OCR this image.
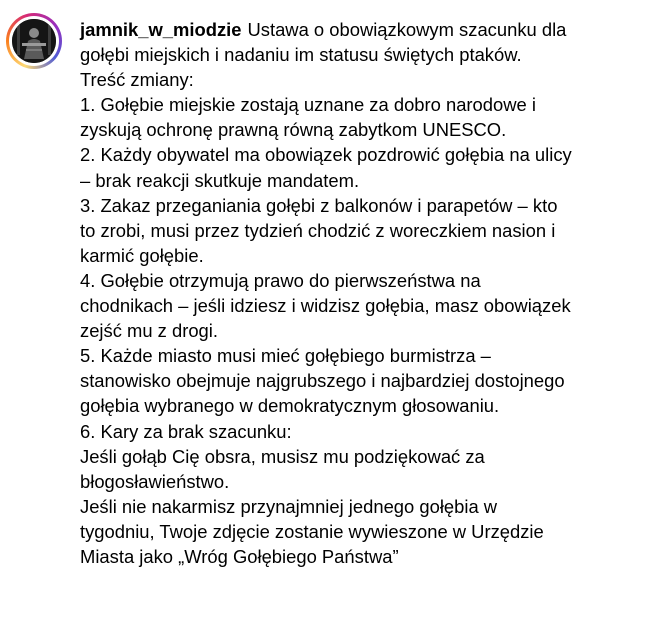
jamnik_w_miodzie Ustawa o obowiązkowym szacunku dla
gołębi miejskich i nadaniu im statusu świętych ptaków.
Treść zmiany:
1. Gołębie miejskie zostają uznane za dobro narodowe i
zyskują ochronę prawną równą zabytkom UNESCO.
2. Każdy obywatel ma obowiązek pozdrowić gołębia na ulicy
– brak reakcji skutkuje mandatem.
3. Zakaz przeganiania gołębi z balkonów i parapetów – kto
to zrobi, musi przez tydzień chodzić z woreczkiem nasion i
karmić gołębie.
4. Gołębie otrzymują prawo do pierwszeństwa na
chodnikach – jeśli idziesz i widzisz gołębia, masz obowiązek
zejść mu z drogi.
5. Każde miasto musi mieć gołębiego burmistrza –
stanowisko obejmuje najgrubszego i najbardziej dostojnego
gołębia wybranego w demokratycznym głosowaniu.
6. Kary za brak szacunku:
Jeśli gołąb Cię obsra, musisz mu podziękować za
błogosławieństwo.
Jeśli nie nakarmisz przynajmniej jednego gołębia w
tygodniu, Twoje zdjęcie zostanie wywieszone w Urzędzie
Miasta jako „Wróg Gołębiego Państwa”
